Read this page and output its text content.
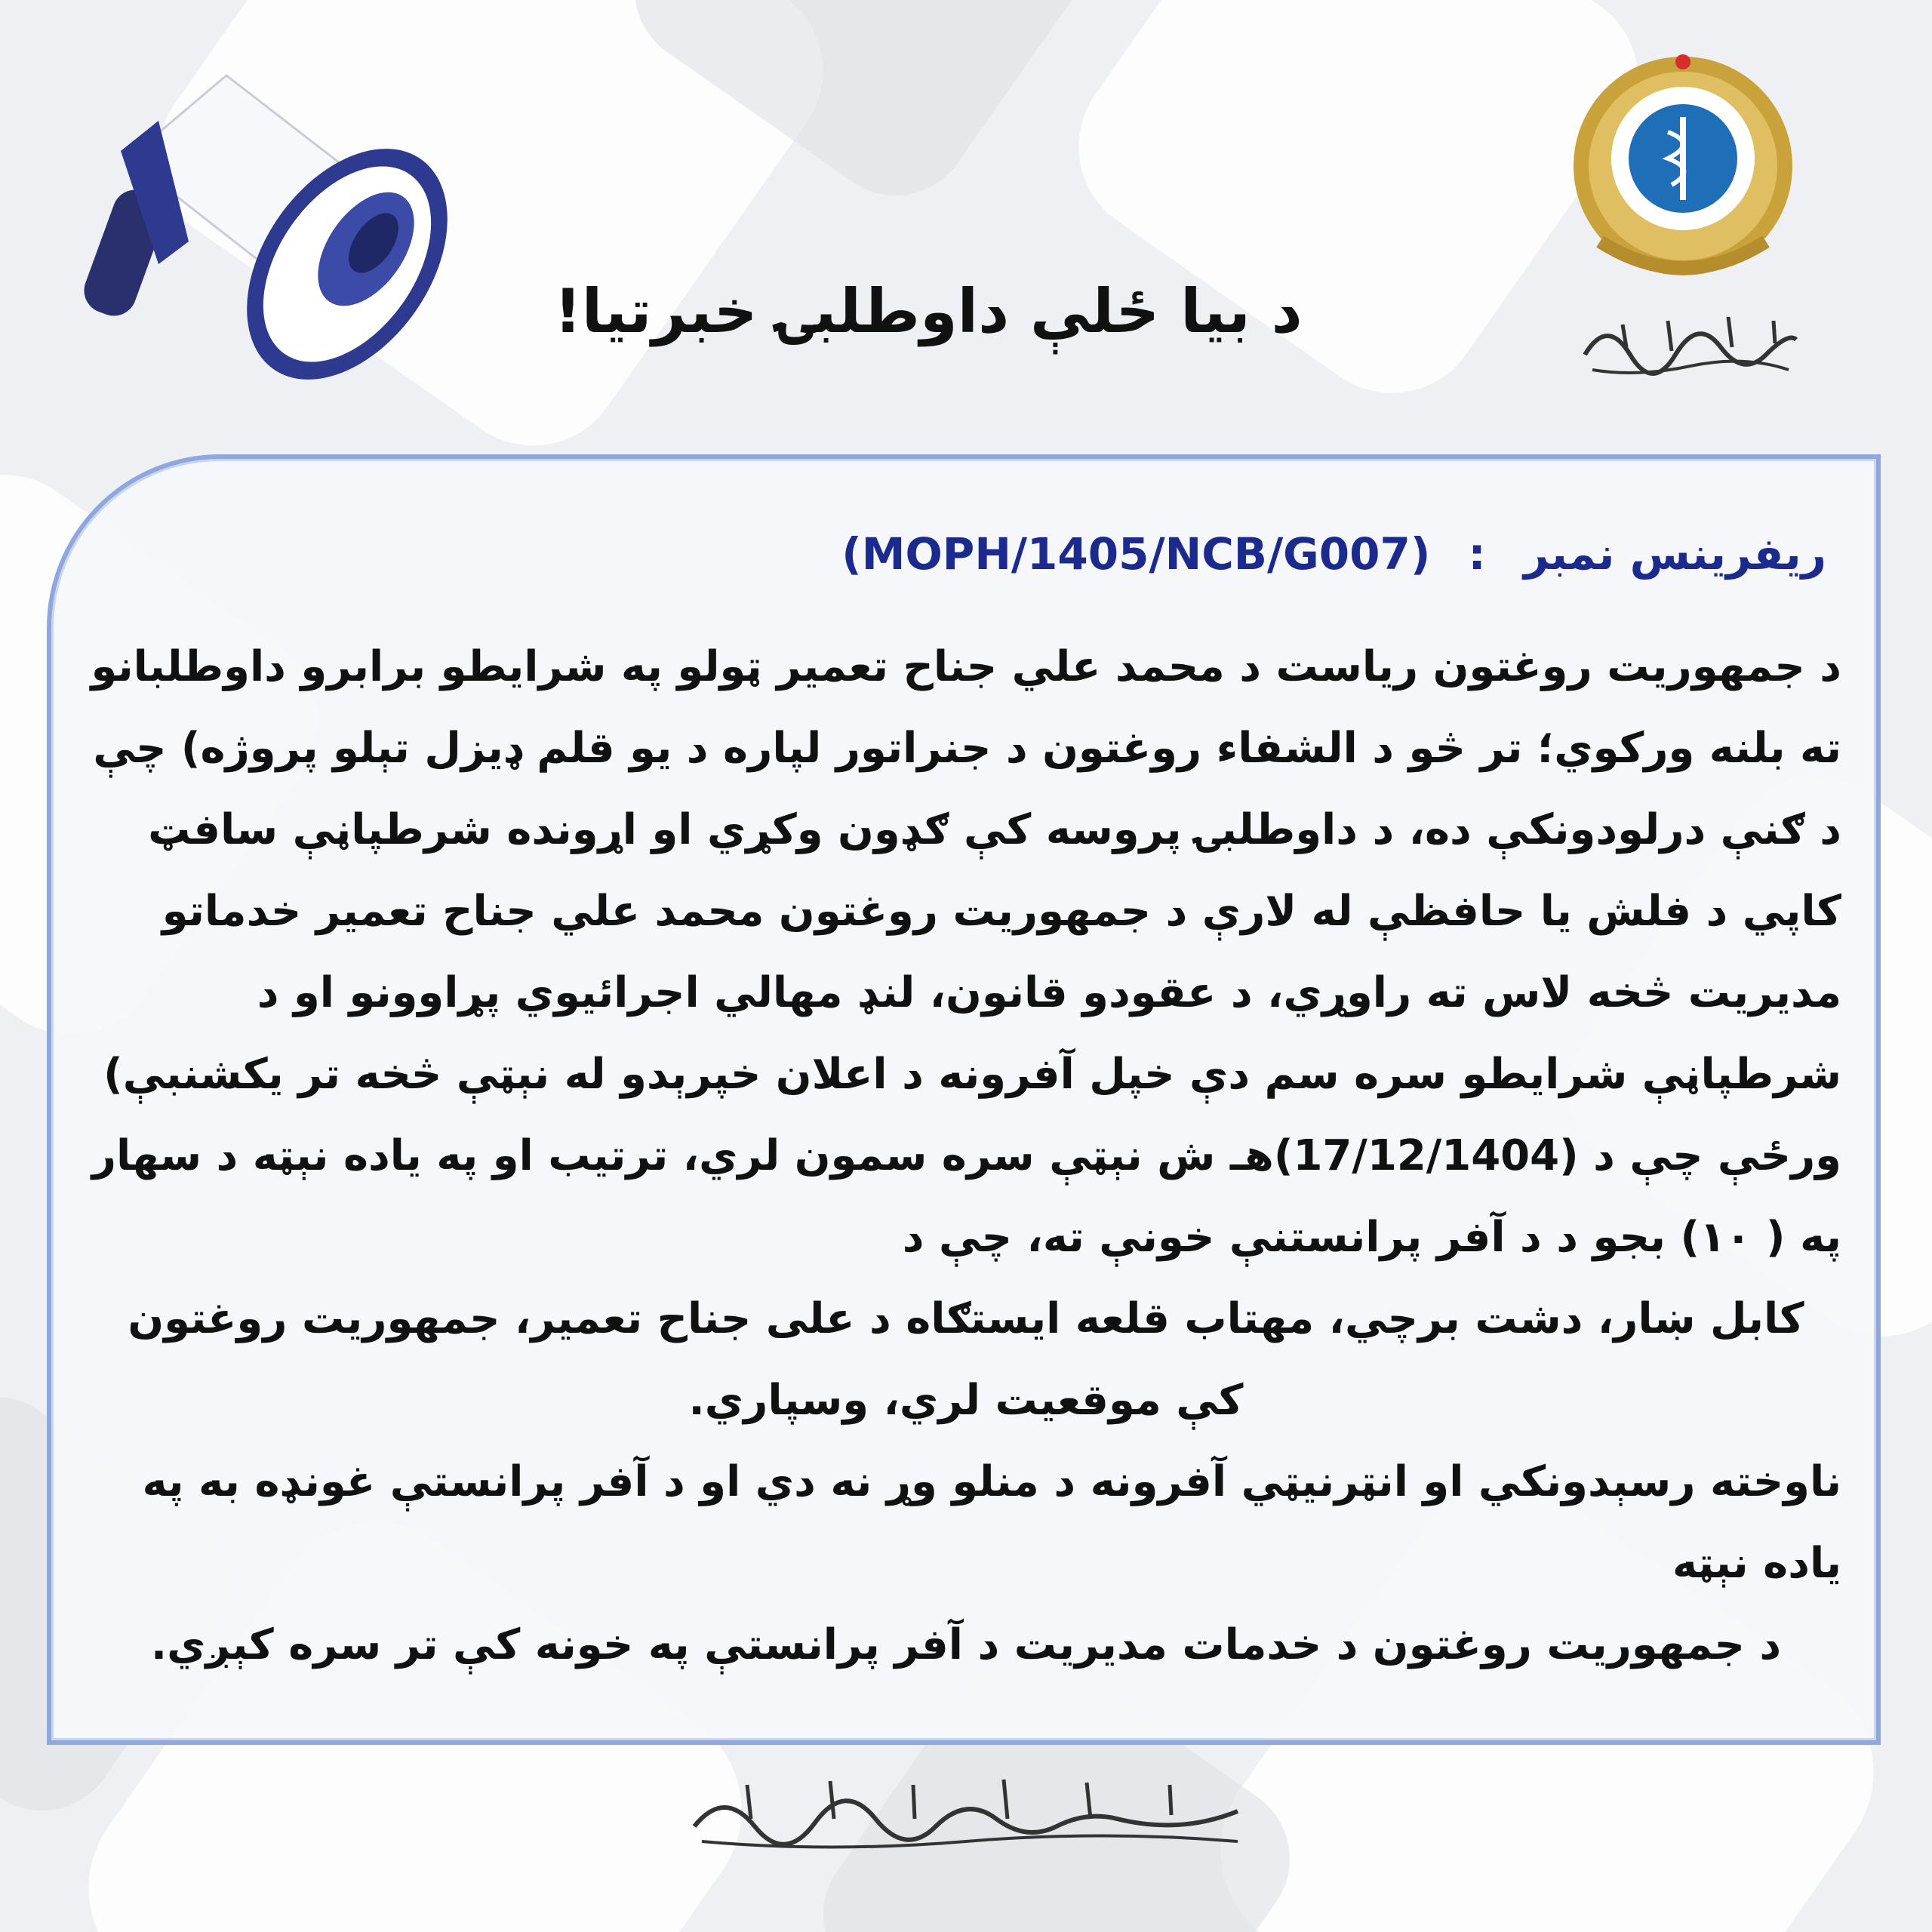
د بیا ځلې داوطلبۍ خبرتیا!
ریفرینس نمبر : (MOPH/1405/NCB/G007)

د جمهوریت روغتون ریاست د محمد علي جناح تعمیر ټولو په شرایطو برابرو داوطلبانو ته بلنه ورکوي؛ تر څو د الشفاء روغتون د جنراتور لپاره د یو قلم ډیزل تېلو پروژه) چې د ګنې درلودونکې ده، د داوطلبۍ پروسه کې ګډون وکړي او اړونده شرطپاڼې سافټ کاپي د فلش یا حافظې له لارې د جمهوریت روغتون محمد علي جناح تعمیر خدماتو مدیریت څخه لاس ته راوړي، د عقودو قانون، لنډ مهالي اجرائیوي پړاوونو او د شرطپاڼې شرایطو سره سم دې خپل آفرونه د اعلان خپرېدو له نېټې څخه تر یکشنبې) ورځې چې د (17/12/1404)هـ ش نېټې سره سمون لري، ترتیب او په یاده نېټه د سهار په ( ۱۰) بجو د د آفر پرانستنې خونې ته، چې د

کابل ښار، دشت برچي، مهتاب قلعه ایستګاه د علی جناح تعمیر، جمهوریت روغتون

کې موقعیت لري، وسپاري.

ناوخته رسېدونکي او انټرنیټي آفرونه د منلو وړ نه دي او د آفر پرانستې غونډه به په یاده نېټه

د جمهوریت روغتون د خدمات مدیریت د آفر پرانستې په خونه کې تر سره کېږي.
